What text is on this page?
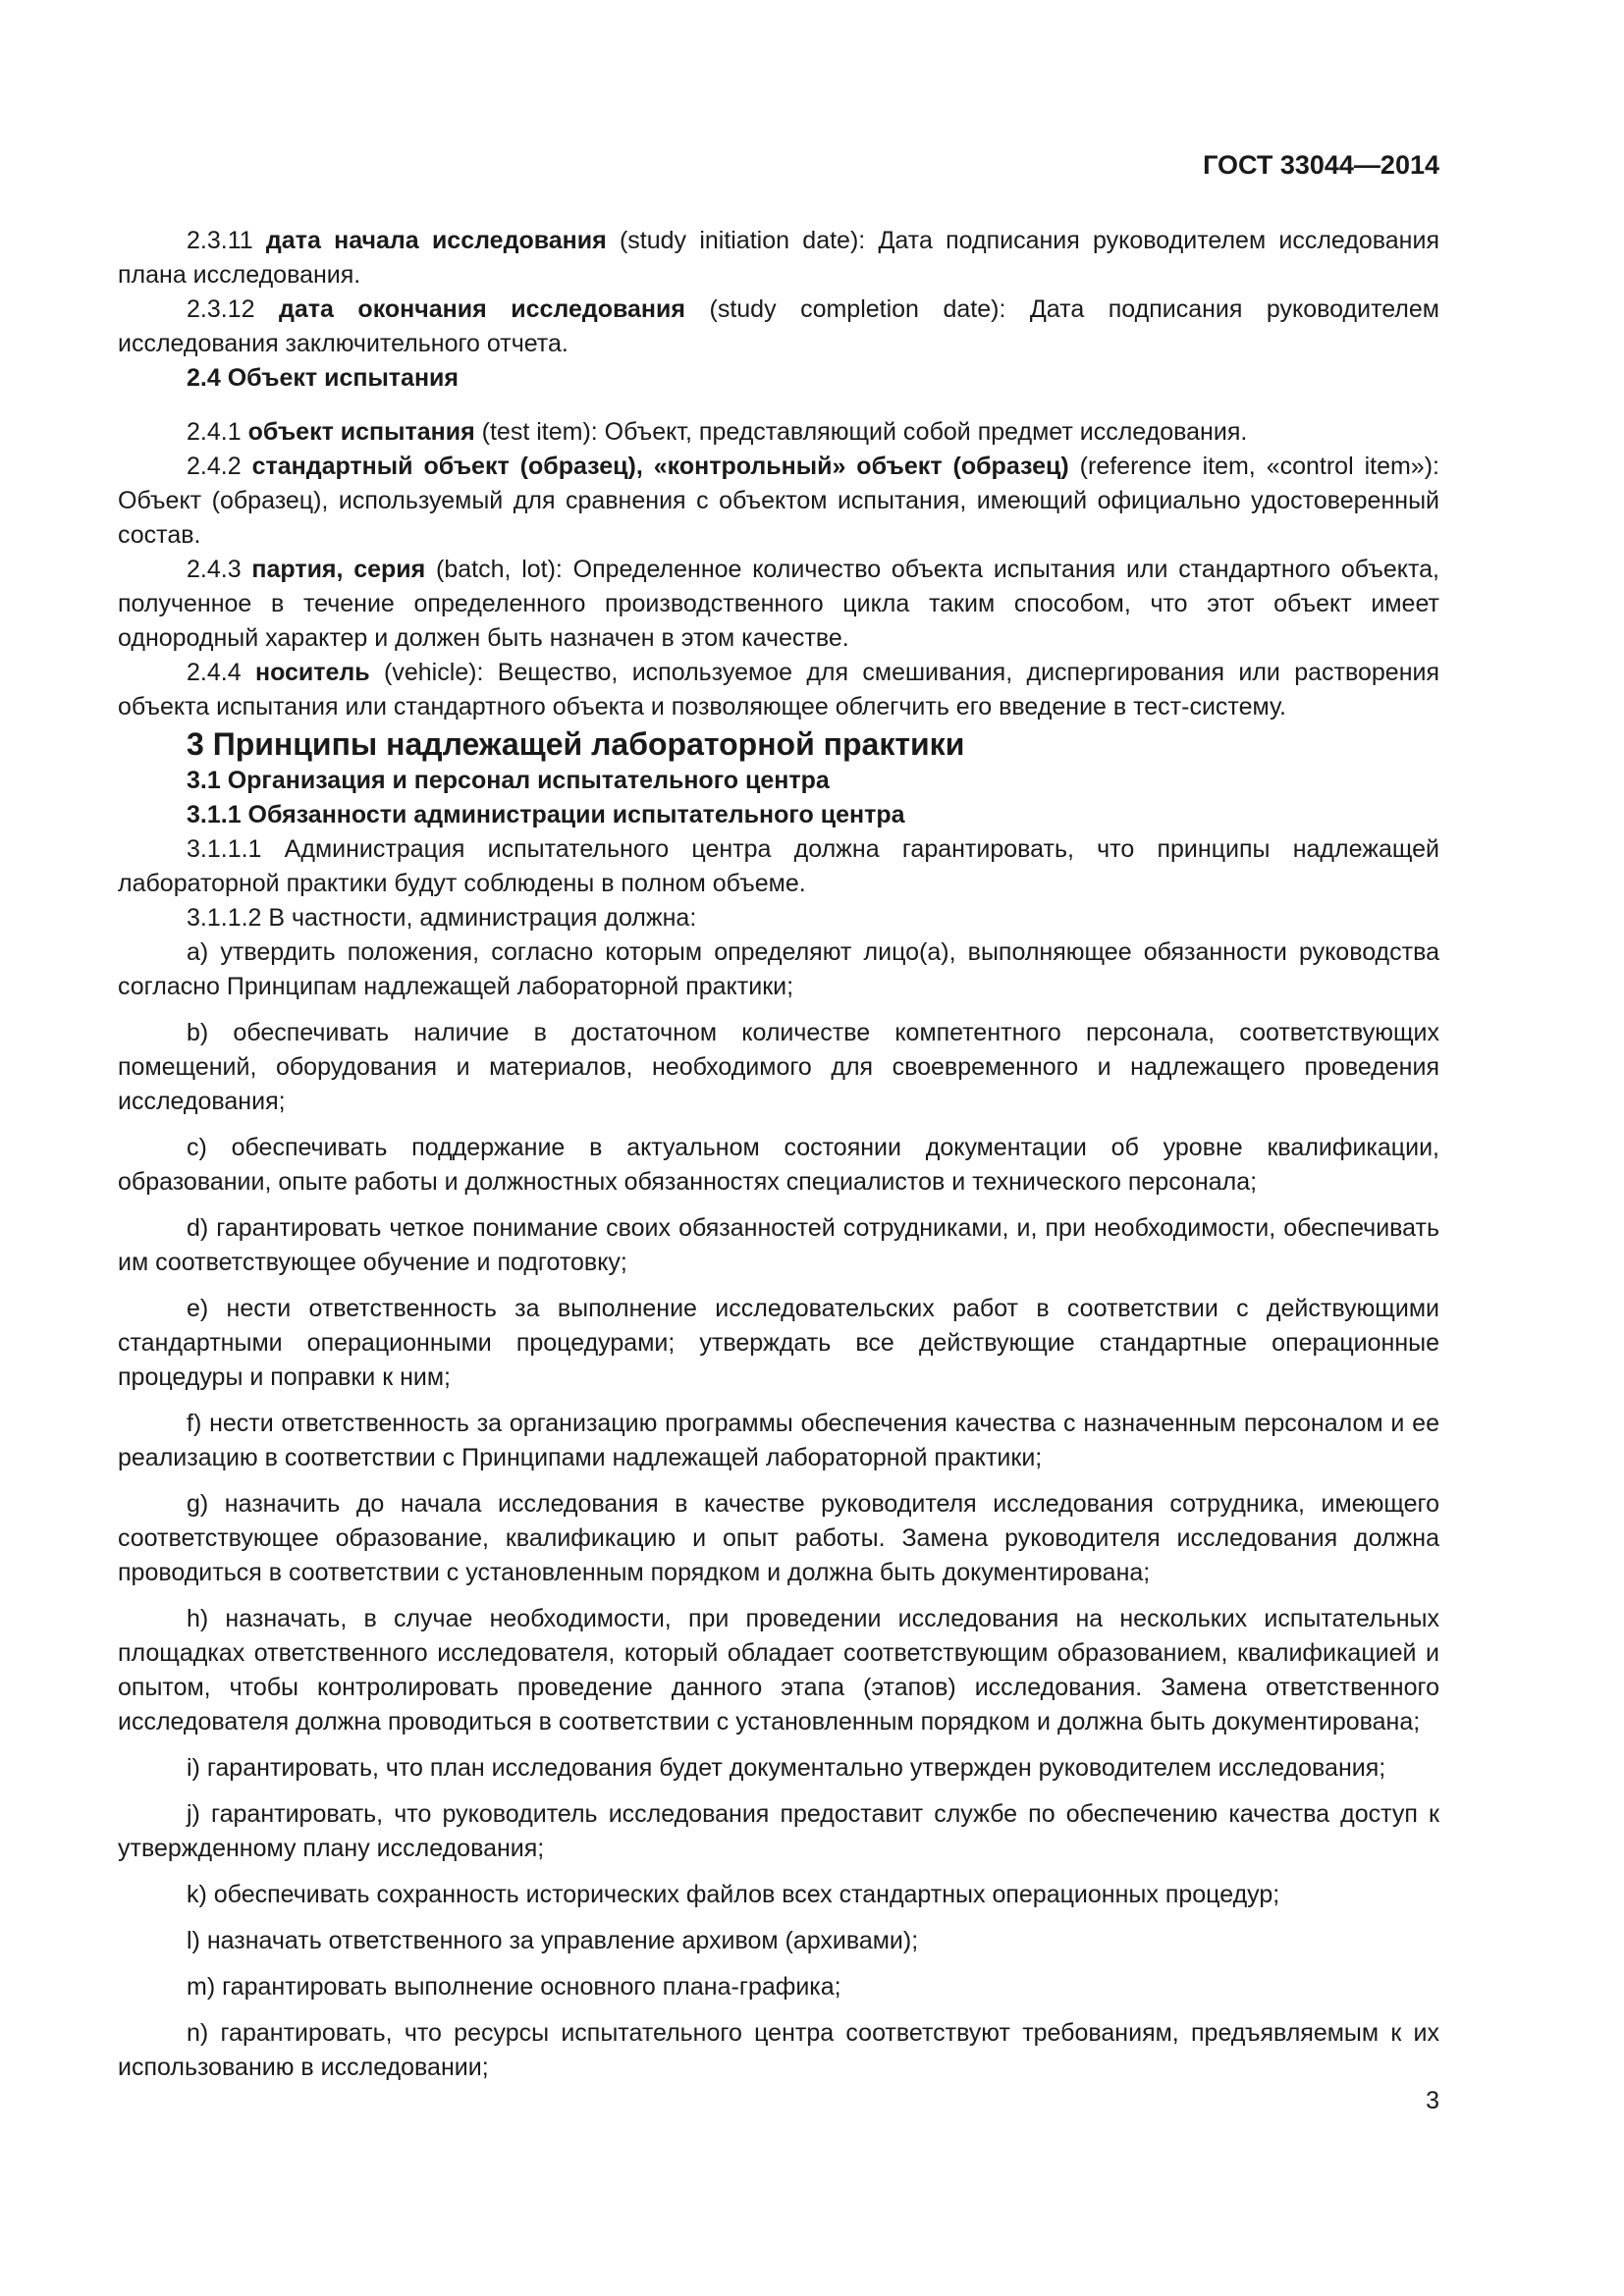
ГОСТ 33044—2014

2.3.11 дата начала исследования (study initiation date): Дата подписания руководителем исследования плана исследования.

2.3.12 дата окончания исследования (study completion date): Дата подписания руководителем исследования заключительного отчета.

2.4 Объект испытания

2.4.1 объект испытания (test item): Объект, представляющий собой предмет исследования.

2.4.2 стандартный объект (образец), «контрольный» объект (образец) (reference item, «control item»): Объект (образец), используемый для сравнения с объектом испытания, имеющий официально удостоверенный состав.

2.4.3 партия, серия (batch, lot): Определенное количество объекта испытания или стандартного объекта, полученное в течение определенного производственного цикла таким способом, что этот объект имеет однородный характер и должен быть назначен в этом качестве.

2.4.4 носитель (vehicle): Вещество, используемое для смешивания, диспергирования или растворения объекта испытания или стандартного объекта и позволяющее облегчить его введение в тест-систему.

3 Принципы надлежащей лабораторной практики
3.1 Организация и персонал испытательного центра
3.1.1 Обязанности администрации испытательного центра

3.1.1.1 Администрация испытательного центра должна гарантировать, что принципы надлежащей лабораторной практики будут соблюдены в полном объеме.

3.1.1.2 В частности, администрация должна:

a) утвердить положения, согласно которым определяют лицо(а), выполняющее обязанности руководства согласно Принципам надлежащей лабораторной практики;

b) обеспечивать наличие в достаточном количестве компетентного персонала, соответствующих помещений, оборудования и материалов, необходимого для своевременного и надлежащего проведения исследования;

c) обеспечивать поддержание в актуальном состоянии документации об уровне квалификации, образовании, опыте работы и должностных обязанностях специалистов и технического персонала;

d) гарантировать четкое понимание своих обязанностей сотрудниками, и, при необходимости, обеспечивать им соответствующее обучение и подготовку;

e) нести ответственность за выполнение исследовательских работ в соответствии с действующими стандартными операционными процедурами; утверждать все действующие стандартные операционные процедуры и поправки к ним;

f) нести ответственность за организацию программы обеспечения качества с назначенным персоналом и ее реализацию в соответствии с Принципами надлежащей лабораторной практики;

g) назначить до начала исследования в качестве руководителя исследования сотрудника, имеющего соответствующее образование, квалификацию и опыт работы. Замена руководителя исследования должна проводиться в соответствии с установленным порядком и должна быть документирована;

h) назначать, в случае необходимости, при проведении исследования на нескольких испытательных площадках ответственного исследователя, который обладает соответствующим образованием, квалификацией и опытом, чтобы контролировать проведение данного этапа (этапов) исследования. Замена ответственного исследователя должна проводиться в соответствии с установленным порядком и должна быть документирована;

i) гарантировать, что план исследования будет документально утвержден руководителем исследования;

j) гарантировать, что руководитель исследования предоставит службе по обеспечению качества доступ к утвержденному плану исследования;

k) обеспечивать сохранность исторических файлов всех стандартных операционных процедур;

l) назначать ответственного за управление архивом (архивами);

m) гарантировать выполнение основного плана-графика;

n) гарантировать, что ресурсы испытательного центра соответствуют требованиям, предъявляемым к их использованию в исследовании;

3
